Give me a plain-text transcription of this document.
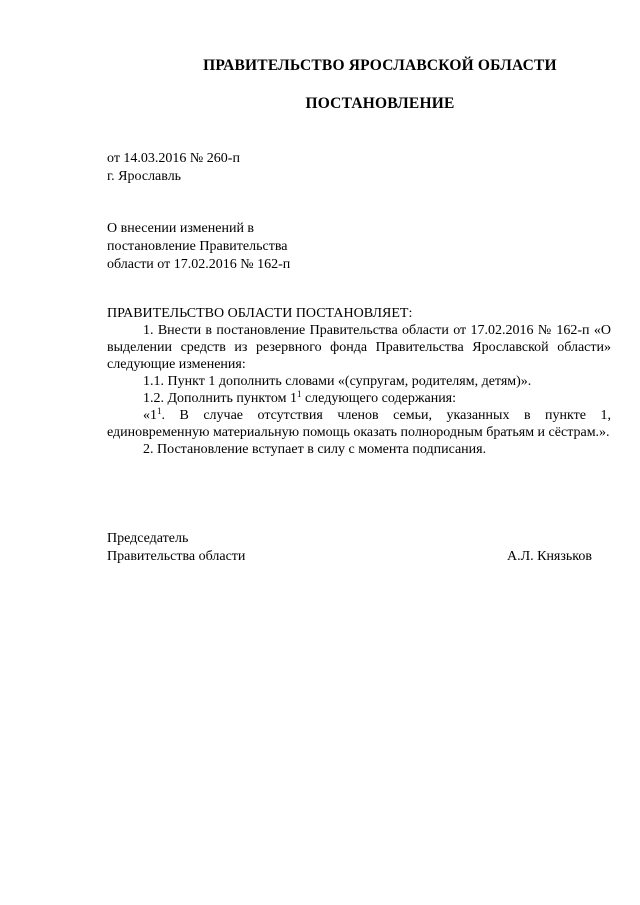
ПРАВИТЕЛЬСТВО ЯРОСЛАВСКОЙ ОБЛАСТИ
ПОСТАНОВЛЕНИЕ
от 14.03.2016 № 260-п
г. Ярославль
О внесении изменений в
постановление Правительства
области от 17.02.2016 № 162-п

ПРАВИТЕЛЬСТВО ОБЛАСТИ ПОСТАНОВЛЯЕТ:

1. Внести в постановление Правительства области от 17.02.2016 № 162-п «О выделении средств из резервного фонда Правительства Ярославской области» следующие изменения:

1.1. Пункт 1 дополнить словами «(супругам, родителям, детям)».

1.2. Дополнить пунктом $1^1$ следующего содержания:

«$1^1$. В случае отсутствия членов семьи, указанных в пункте 1, единовременную материальную помощь оказать полнородным братьям и сёстрам.».

2. Постановление вступает в силу с момента подписания.

Председатель
Правительства области	А.Л. Князьков
